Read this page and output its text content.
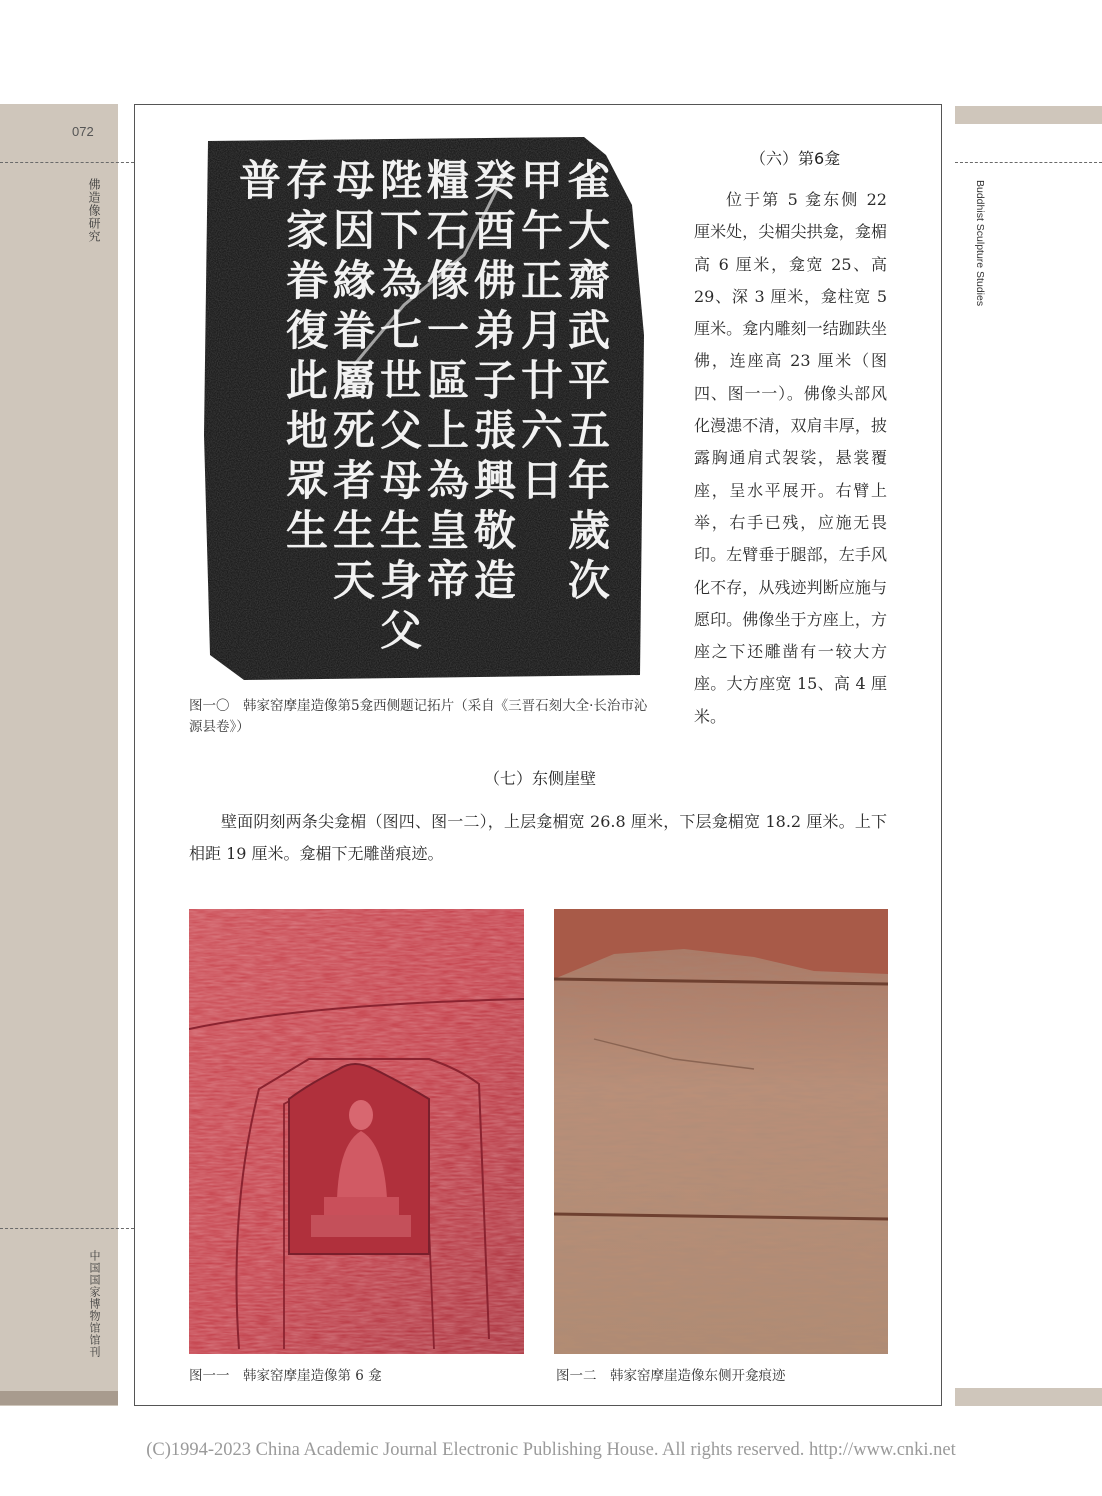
072
佛造像研究
中国国家博物馆馆刊
Buddhist Sculpture Studies
雀大齋武平五年歲次
甲午正月廿六日
癸酉佛弟子張興敬造
糧石像一區上為皇帝
陛下為七世父母生身父
母因緣眷屬死者生天
存家眷復此地眾生
普
图一〇　韩家窑摩崖造像第5龛西侧题记拓片（采自《三晋石刻大全·长治市沁源县卷》）
（六）第6龛
位于第 5 龛东侧 22 厘米处，尖楣尖拱龛，龛楣高 6 厘米，龛宽 25、高 29、深 3 厘米，龛柱宽 5 厘米。龛内雕刻一结跏趺坐佛，连座高 23 厘米（图四、图一一）。佛像头部风化漫漶不清，双肩丰厚，披露胸通肩式袈裟，悬裳覆座，呈水平展开。右臂上举，右手已残，应施无畏印。左臂垂于腿部，左手风化不存，从残迹判断应施与愿印。佛像坐于方座上，方座之下还雕凿有一较大方座。大方座宽 15、高 4 厘米。
（七）东侧崖壁
壁面阴刻两条尖龛楣（图四、图一二），上层龛楣宽 26.8 厘米，下层龛楣宽 18.2 厘米。上下相距 19 厘米。龛楣下无雕凿痕迹。
图一一　韩家窑摩崖造像第 6 龛	图一二　韩家窑摩崖造像东侧开龛痕迹
(C)1994-2023 China Academic Journal Electronic Publishing House. All rights reserved. http://www.cnki.net
